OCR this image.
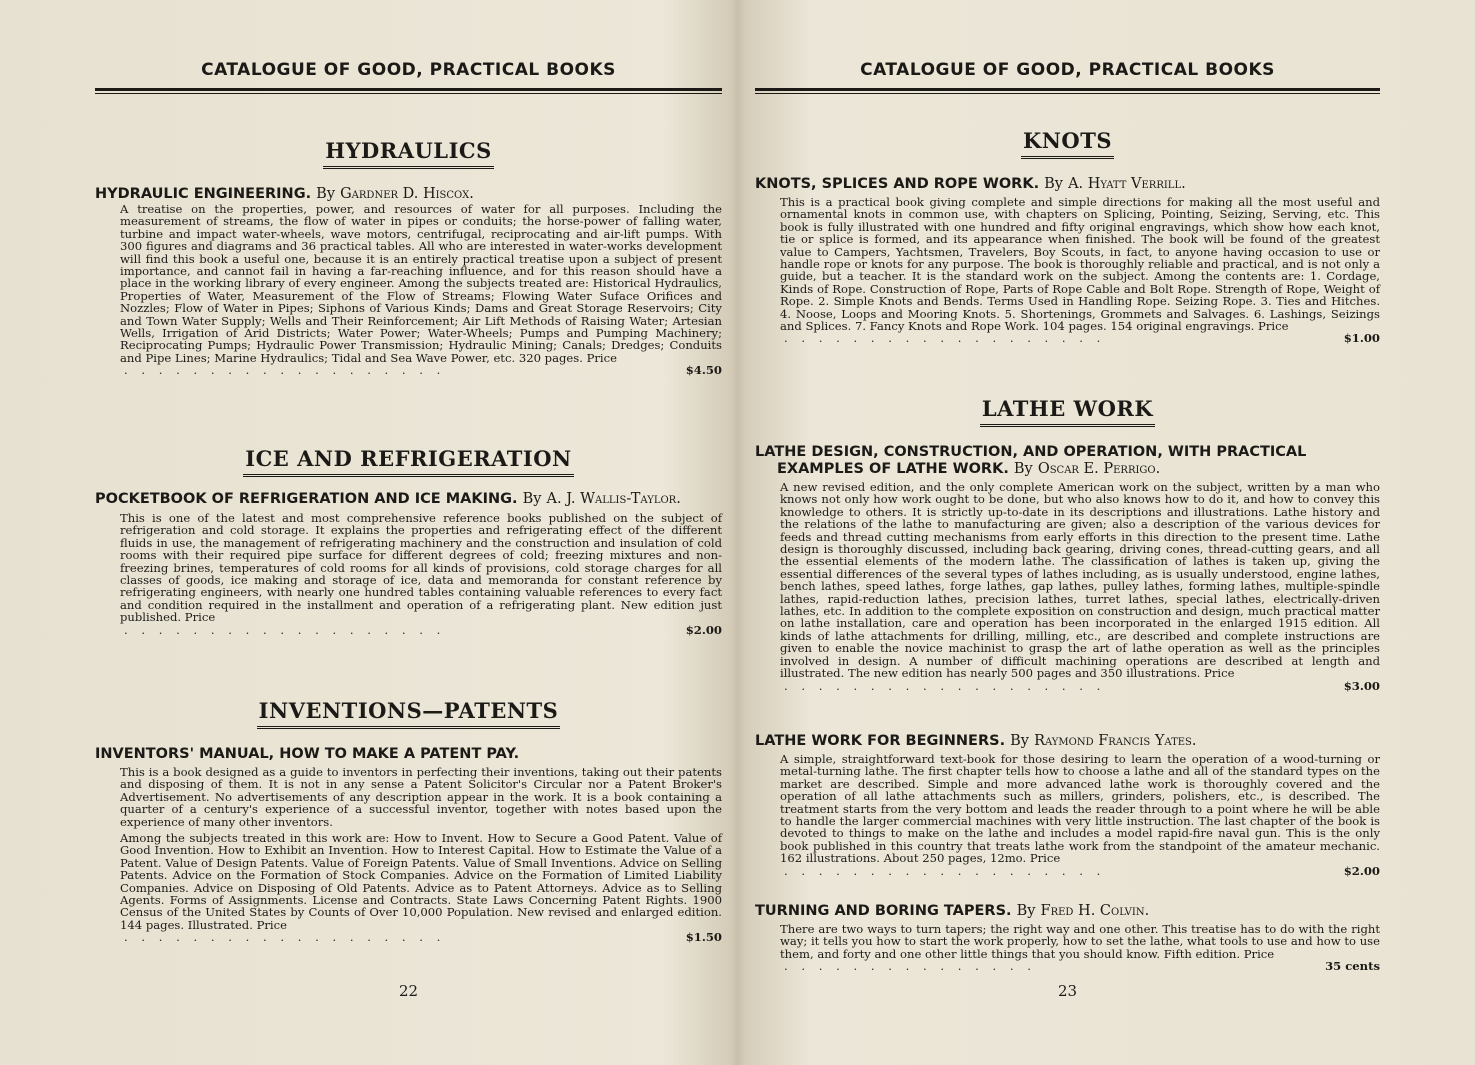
CATALOGUE OF GOOD, PRACTICAL BOOKS
HYDRAULICS

HYDRAULIC ENGINEERING. By Gardner D. Hiscox.

A treatise on the properties, power, and resources of water for all purposes. Including the measurement of streams, the flow of water in pipes or conduits; the horse-power of falling water, turbine and impact water-wheels, wave motors, centrifugal, reciprocating and air-lift pumps. With 300 figures and diagrams and 36 practical tables. All who are interested in water-works development will find this book a useful one, because it is an entirely practical treatise upon a subject of present importance, and cannot fail in having a far-reaching influence, and for this reason should have a place in the working library of every engineer. Among the subjects treated are: Historical Hydraulics, Properties of Water, Measurement of the Flow of Streams; Flowing Water Suface Orifices and Nozzles; Flow of Water in Pipes; Siphons of Various Kinds; Dams and Great Storage Reservoirs; City and Town Water Supply; Wells and Their Reinforcement; Air Lift Methods of Raising Water; Artesian Wells, Irrigation of Arid Districts; Water Power; Water-Wheels; Pumps and Pumping Machinery; Reciprocating Pumps; Hydraulic Power Transmission; Hydraulic Mining; Canals; Dredges; Conduits and Pipe Lines; Marine Hydraulics; Tidal and Sea Wave Power, etc. 320 pages. Price
. . . . . . . . . . . . . . . . . . .	$4.50
ICE AND REFRIGERATION

POCKETBOOK OF REFRIGERATION AND ICE MAKING. By A. J. Wallis-Taylor.

This is one of the latest and most comprehensive reference books published on the subject of refrigeration and cold storage. It explains the properties and refrigerating effect of the different fluids in use, the management of refrigerating machinery and the construction and insulation of cold rooms with their required pipe surface for different degrees of cold; freezing mixtures and non-freezing brines, temperatures of cold rooms for all kinds of provisions, cold storage charges for all classes of goods, ice making and storage of ice, data and memoranda for constant reference by refrigerating engineers, with nearly one hundred tables containing valuable references to every fact and condition required in the installment and operation of a refrigerating plant. New edition just published. Price
. . . . . . . . . . . . . . . . . . .	$2.00
INVENTIONS—PATENTS

INVENTORS' MANUAL, HOW TO MAKE A PATENT PAY.

This is a book designed as a guide to inventors in perfecting their inventions, taking out their patents and disposing of them. It is not in any sense a Patent Solicitor's Circular nor a Patent Broker's Advertisement. No advertisements of any description appear in the work. It is a book containing a quarter of a century's experience of a successful inventor, together with notes based upon the experience of many other inventors.
Among the subjects treated in this work are: How to Invent. How to Secure a Good Patent. Value of Good Invention. How to Exhibit an Invention. How to Interest Capital. How to Estimate the Value of a Patent. Value of Design Patents. Value of Foreign Patents. Value of Small Inventions. Advice on Selling Patents. Advice on the Formation of Stock Companies. Advice on the Formation of Limited Liability Companies. Advice on Disposing of Old Patents. Advice as to Patent Attorneys. Advice as to Selling Agents. Forms of Assignments. License and Contracts. State Laws Concerning Patent Rights. 1900 Census of the United States by Counts of Over 10,000 Population. New revised and enlarged edition. 144 pages. Illustrated. Price
. . . . . . . . . . . . . . . . . . .	$1.50
22
CATALOGUE OF GOOD, PRACTICAL BOOKS
KNOTS

KNOTS, SPLICES AND ROPE WORK. By A. Hyatt Verrill.

This is a practical book giving complete and simple directions for making all the most useful and ornamental knots in common use, with chapters on Splicing, Pointing, Seizing, Serving, etc. This book is fully illustrated with one hundred and fifty original engravings, which show how each knot, tie or splice is formed, and its appearance when finished. The book will be found of the greatest value to Campers, Yachtsmen, Travelers, Boy Scouts, in fact, to anyone having occasion to use or handle rope or knots for any purpose. The book is thoroughly reliable and practical, and is not only a guide, but a teacher. It is the standard work on the subject. Among the contents are: 1. Cordage, Kinds of Rope. Construction of Rope, Parts of Rope Cable and Bolt Rope. Strength of Rope, Weight of Rope. 2. Simple Knots and Bends. Terms Used in Handling Rope. Seizing Rope. 3. Ties and Hitches. 4. Noose, Loops and Mooring Knots. 5. Shortenings, Grommets and Salvages. 6. Lashings, Seizings and Splices. 7. Fancy Knots and Rope Work. 104 pages. 154 original engravings. Price
. . . . . . . . . . . . . . . . . . .	$1.00
LATHE WORK

LATHE DESIGN, CONSTRUCTION, AND OPERATION, WITH PRACTICAL EXAMPLES OF LATHE WORK. By Oscar E. Perrigo.

A new revised edition, and the only complete American work on the subject, written by a man who knows not only how work ought to be done, but who also knows how to do it, and how to convey this knowledge to others. It is strictly up-to-date in its descriptions and illustrations. Lathe history and the relations of the lathe to manufacturing are given; also a description of the various devices for feeds and thread cutting mechanisms from early efforts in this direction to the present time. Lathe design is thoroughly discussed, including back gearing, driving cones, thread-cutting gears, and all the essential elements of the modern lathe. The classification of lathes is taken up, giving the essential differences of the several types of lathes including, as is usually understood, engine lathes, bench lathes, speed lathes, forge lathes, gap lathes, pulley lathes, forming lathes, multiple-spindle lathes, rapid-reduction lathes, precision lathes, turret lathes, special lathes, electrically-driven lathes, etc. In addition to the complete exposition on construction and design, much practical matter on lathe installation, care and operation has been incorporated in the enlarged 1915 edition. All kinds of lathe attachments for drilling, milling, etc., are described and complete instructions are given to enable the novice machinist to grasp the art of lathe operation as well as the principles involved in design. A number of difficult machining operations are described at length and illustrated. The new edition has nearly 500 pages and 350 illustrations. Price
. . . . . . . . . . . . . . . . . . .	$3.00

LATHE WORK FOR BEGINNERS. By Raymond Francis Yates.

A simple, straightforward text-book for those desiring to learn the operation of a wood-turning or metal-turning lathe. The first chapter tells how to choose a lathe and all of the standard types on the market are described. Simple and more advanced lathe work is thoroughly covered and the operation of all lathe attachments such as millers, grinders, polishers, etc., is described. The treatment starts from the very bottom and leads the reader through to a point where he will be able to handle the larger commercial machines with very little instruction. The last chapter of the book is devoted to things to make on the lathe and includes a model rapid-fire naval gun. This is the only book published in this country that treats lathe work from the standpoint of the amateur mechanic. 162 illustrations. About 250 pages, 12mo. Price
. . . . . . . . . . . . . . . . . . .	$2.00

TURNING AND BORING TAPERS. By Fred H. Colvin.

There are two ways to turn tapers; the right way and one other. This treatise has to do with the right way; it tells you how to start the work properly, how to set the lathe, what tools to use and how to use them, and forty and one other little things that you should know. Fifth edition. Price
. . . . . . . . . . . . . . .	35 cents
23
